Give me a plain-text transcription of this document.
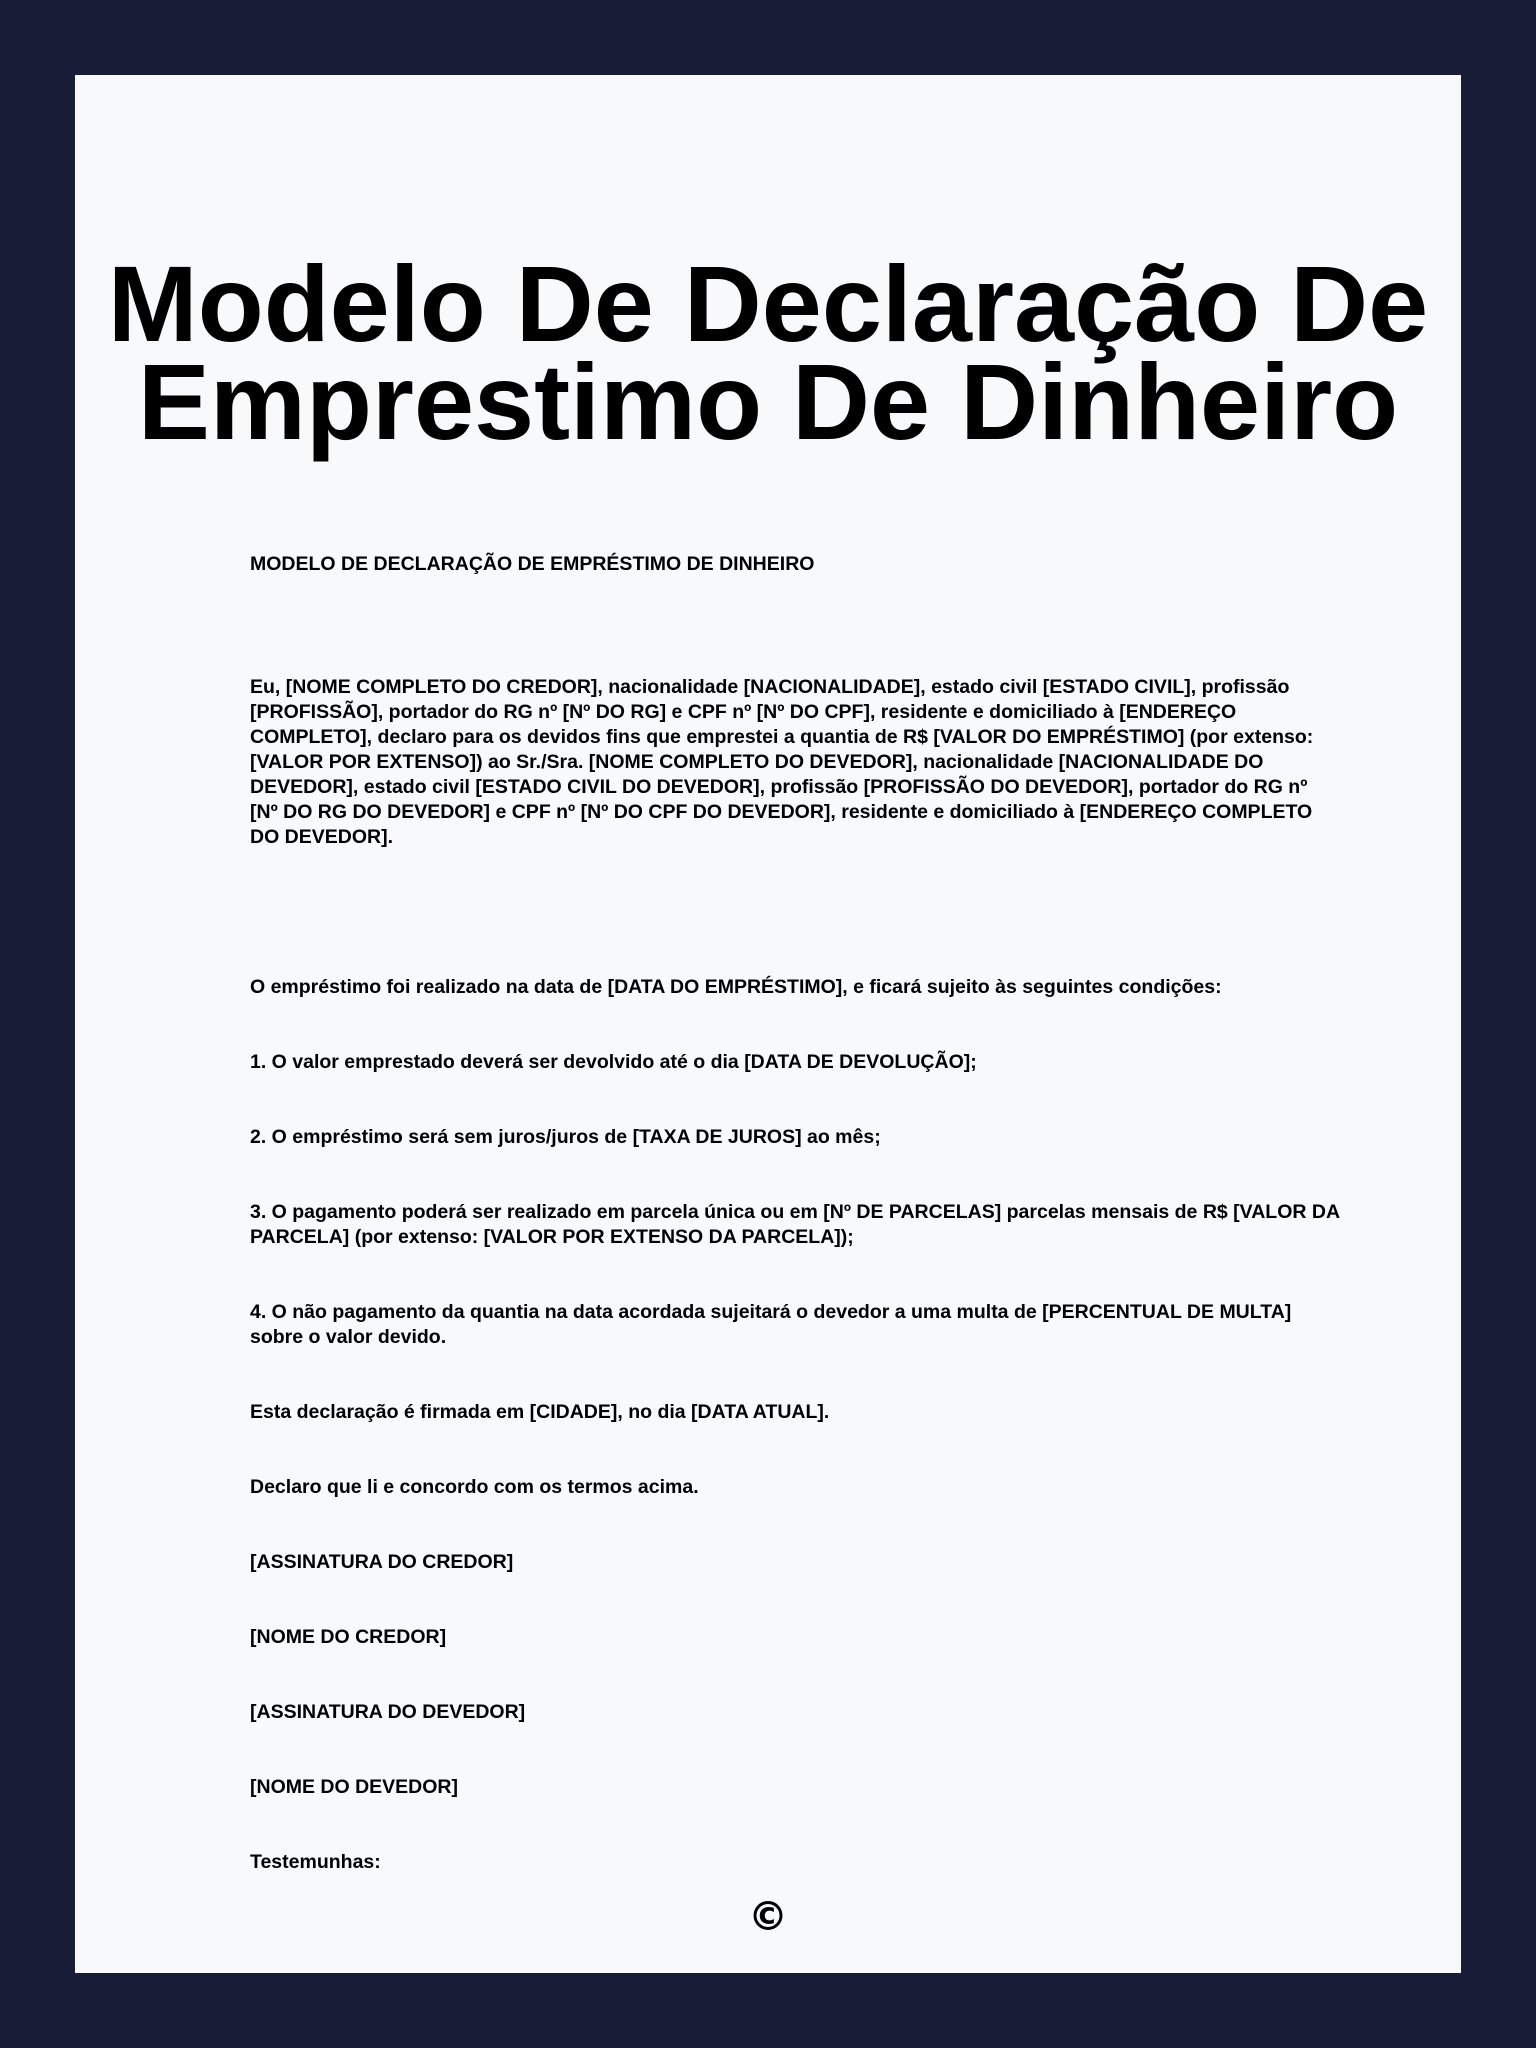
Modelo De Declaração De
Emprestimo De Dinheiro

MODELO DE DECLARAÇÃO DE EMPRÉSTIMO DE DINHEIRO

Eu, [NOME COMPLETO DO CREDOR], nacionalidade [NACIONALIDADE], estado civil [ESTADO CIVIL], profissão [PROFISSÃO], portador do RG nº [Nº DO RG] e CPF nº [Nº DO CPF], residente e domiciliado à [ENDEREÇO COMPLETO], declaro para os devidos fins que emprestei a quantia de R$ [VALOR DO EMPRÉSTIMO] (por extenso: [VALOR POR EXTENSO]) ao Sr./Sra. [NOME COMPLETO DO DEVEDOR], nacionalidade [NACIONALIDADE DO DEVEDOR], estado civil [ESTADO CIVIL DO DEVEDOR], profissão [PROFISSÃO DO DEVEDOR], portador do RG nº [Nº DO RG DO DEVEDOR] e CPF nº [Nº DO CPF DO DEVEDOR], residente e domiciliado à [ENDEREÇO COMPLETO DO DEVEDOR].

O empréstimo foi realizado na data de [DATA DO EMPRÉSTIMO], e ficará sujeito às seguintes condições:

1. O valor emprestado deverá ser devolvido até o dia [DATA DE DEVOLUÇÃO];

2. O empréstimo será sem juros/juros de [TAXA DE JUROS] ao mês;

3. O pagamento poderá ser realizado em parcela única ou em [Nº DE PARCELAS] parcelas mensais de R$ [VALOR DA PARCELA] (por extenso: [VALOR POR EXTENSO DA PARCELA]);

4. O não pagamento da quantia na data acordada sujeitará o devedor a uma multa de [PERCENTUAL DE MULTA] sobre o valor devido.

Esta declaração é firmada em [CIDADE], no dia [DATA ATUAL].

Declaro que li e concordo com os termos acima.

[ASSINATURA DO CREDOR]

[NOME DO CREDOR]

[ASSINATURA DO DEVEDOR]

[NOME DO DEVEDOR]

Testemunhas:

©
